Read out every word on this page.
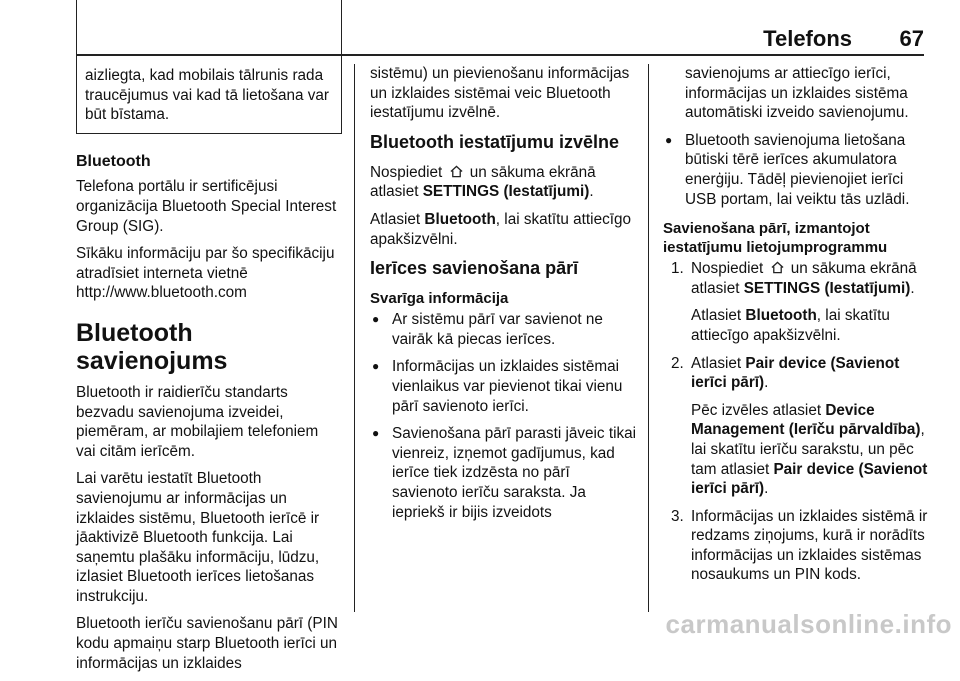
Telefons 67

aizliegta, kad mobilais tālrunis rada traucējumus vai kad tā lietošana var būt bīstama.

Bluetooth

Telefona portālu ir sertificējusi organizācija Bluetooth Special Interest Group (SIG).

Sīkāku informāciju par šo specifikāciju atradīsiet interneta vietnē http://www.bluetooth.com

Bluetooth savienojums

Bluetooth ir raidierīču standarts bezvadu savienojuma izveidei, piemēram, ar mobilajiem telefoniem vai citām ierīcēm.

Lai varētu iestatīt Bluetooth savienojumu ar informācijas un izklaides sistēmu, Bluetooth ierīcē ir jāaktivizē Bluetooth funkcija. Lai saņemtu plašāku informāciju, lūdzu, izlasiet Bluetooth ierīces lietošanas instrukciju.

Bluetooth ierīču savienošanu pārī (PIN kodu apmaiņu starp Bluetooth ierīci un informācijas un izklaides

sistēmu) un pievienošanu informācijas un izklaides sistēmai veic Bluetooth iestatījumu izvēlnē.

Bluetooth iestatījumu izvēlne

Nospiediet un sākuma ekrānā atlasiet SETTINGS (Iestatījumi).

Atlasiet Bluetooth, lai skatītu attiecīgo apakšizvēlni.

Ierīces savienošana pārī
Svarīga informācija
● Ar sistēmu pārī var savienot ne vairāk kā piecas ierīces.
● Informācijas un izklaides sistēmai vienlaikus var pievienot tikai vienu pārī savienoto ierīci.
● Savienošana pārī parasti jāveic tikai vienreiz, izņemot gadījumus, kad ierīce tiek izdzēsta no pārī savienoto ierīču saraksta. Ja iepriekš ir bijis izveidots
savienojums ar attiecīgo ierīci, informācijas un izklaides sistēma automātiski izveido savienojumu.
● Bluetooth savienojuma lietošana būtiski tērē ierīces akumulatora enerģiju. Tādēļ pievienojiet ierīci USB portam, lai veiktu tās uzlādi.
Savienošana pārī, izmantojot iestatījumu lietojumprogrammu
1. Nospiediet un sākuma ekrānā atlasiet SETTINGS (Iestatījumi).

Atlasiet Bluetooth, lai skatītu attiecīgo apakšizvēlni.

2. Atlasiet Pair device (Savienot ierīci pārī).

Pēc izvēles atlasiet Device Management (Ierīču pārvaldība), lai skatītu ierīču sarakstu, un pēc tam atlasiet Pair device (Savienot ierīci pārī).

3. Informācijas un izklaides sistēmā ir redzams ziņojums, kurā ir norādīts informācijas un izklaides sistēmas nosaukums un PIN kods.

carmanualsonline.info
